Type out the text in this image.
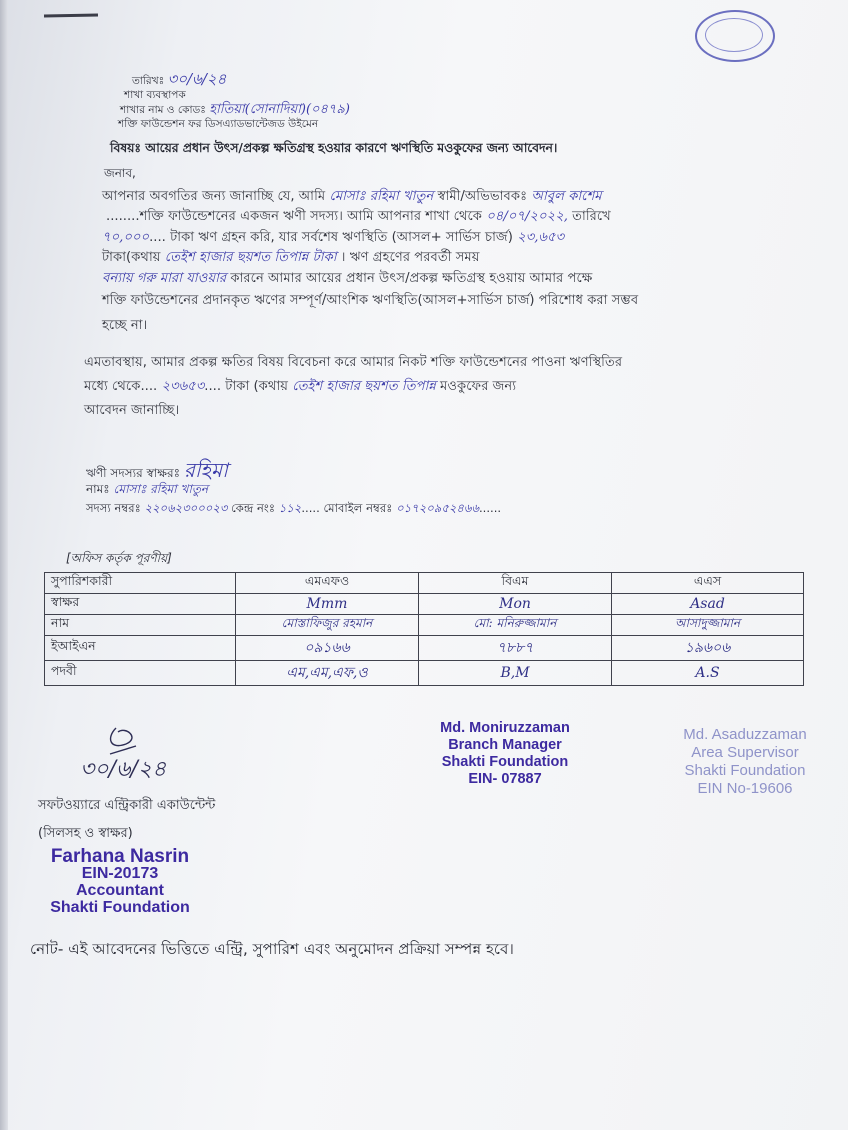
তারিখঃ ৩০/৬/২৪
শাখা ব্যবস্থাপক
শাখার নাম ও কোডঃ হাতিয়া(সোনাদিয়া)(০৪৭৯)
শক্তি ফাউন্ডেশন ফর ডিসএ্যাডভান্টেজড উইমেন
বিষয়ঃ আয়ের প্রধান উৎস/প্রকল্প ক্ষতিগ্রস্থ হওয়ার কারণে ঋণস্থিতি মওকুফের জন্য আবেদন।
জনাব,
আপনার অবগতির জন্য জানাচ্ছি যে, আমি মোসাঃ রহিমা খাতুন স্বামী/অভিভাবকঃ আবুল কাশেম
........শক্তি ফাউন্ডেশনের একজন ঋণী সদস্য। আমি আপনার শাখা থেকে ০৪/০৭/২০২২, তারিখে
৭০,০০০.... টাকা ঋণ গ্রহন করি, যার সর্বশেষ ঋণস্থিতি (আসল+ সার্ভিস চার্জ) ২৩,৬৫৩
টাকা(কথায় তেইশ হাজার ছয়শত তিপান্ন টাকা । ঋণ গ্রহণের পরবর্তী সময়
বন্যায় গরু মারা যাওয়ার কারনে আমার আয়ের প্রধান উৎস/প্রকল্প ক্ষতিগ্রস্থ হওয়ায় আমার পক্ষে
শক্তি ফাউন্ডেশনের প্রদানকৃত ঋণের সম্পূর্ণ/আংশিক ঋণস্থিতি(আসল+সার্ভিস চার্জ) পরিশোধ করা সম্ভব
হচ্ছে না।
এমতাবস্থায়, আমার প্রকল্প ক্ষতির বিষয় বিবেচনা করে আমার নিকট শক্তি ফাউন্ডেশনের পাওনা ঋণস্থিতির
মধ্যে থেকে.... ২৩৬৫৩.... টাকা (কথায় তেইশ হাজার ছয়শত তিপান্ন মওকুফের জন্য
আবেদন জানাচ্ছি।
ঋণী সদস্যর স্বাক্ষরঃ রহিমা
নামঃ মোসাঃ রহিমা খাতুন
সদস্য নম্বরঃ ২২০৬২৩০০০২৩ কেন্দ্র নংঃ ১১২..... মোবাইল নম্বরঃ ০১৭২০৯৫২৪৬৬......
[অফিস কর্তৃক পূরণীয়]
সুপারিশকারী	এমএফও	বিএম	এএস
স্বাক্ষর	Mmm	Mon	Asad
নাম	মোস্তাফিজুর রহমান	মো: মনিরুজ্জামান	আসাদুজ্জামান
ইআইএন	০৯১৬৬	৭৮৮৭	১৯৬০৬
পদবী	এম,এম,এফ,ও	B,M	A.S
Md. Moniruzzaman
Branch Manager
Shakti Foundation
EIN- 07887
Md. Asaduzzaman
Area Supervisor
Shakti Foundation
EIN No-19606
৩০/৬/২৪
সফটওয়্যারে এন্ট্রিকারী একাউন্টেন্ট
(সিলসহ ও স্বাক্ষর)
Farhana Nasrin
EIN-20173
Accountant
Shakti Foundation
নোট- এই আবেদনের ভিত্তিতে এন্ট্রি, সুপারিশ এবং অনুমোদন প্রক্রিয়া সম্পন্ন হবে।
